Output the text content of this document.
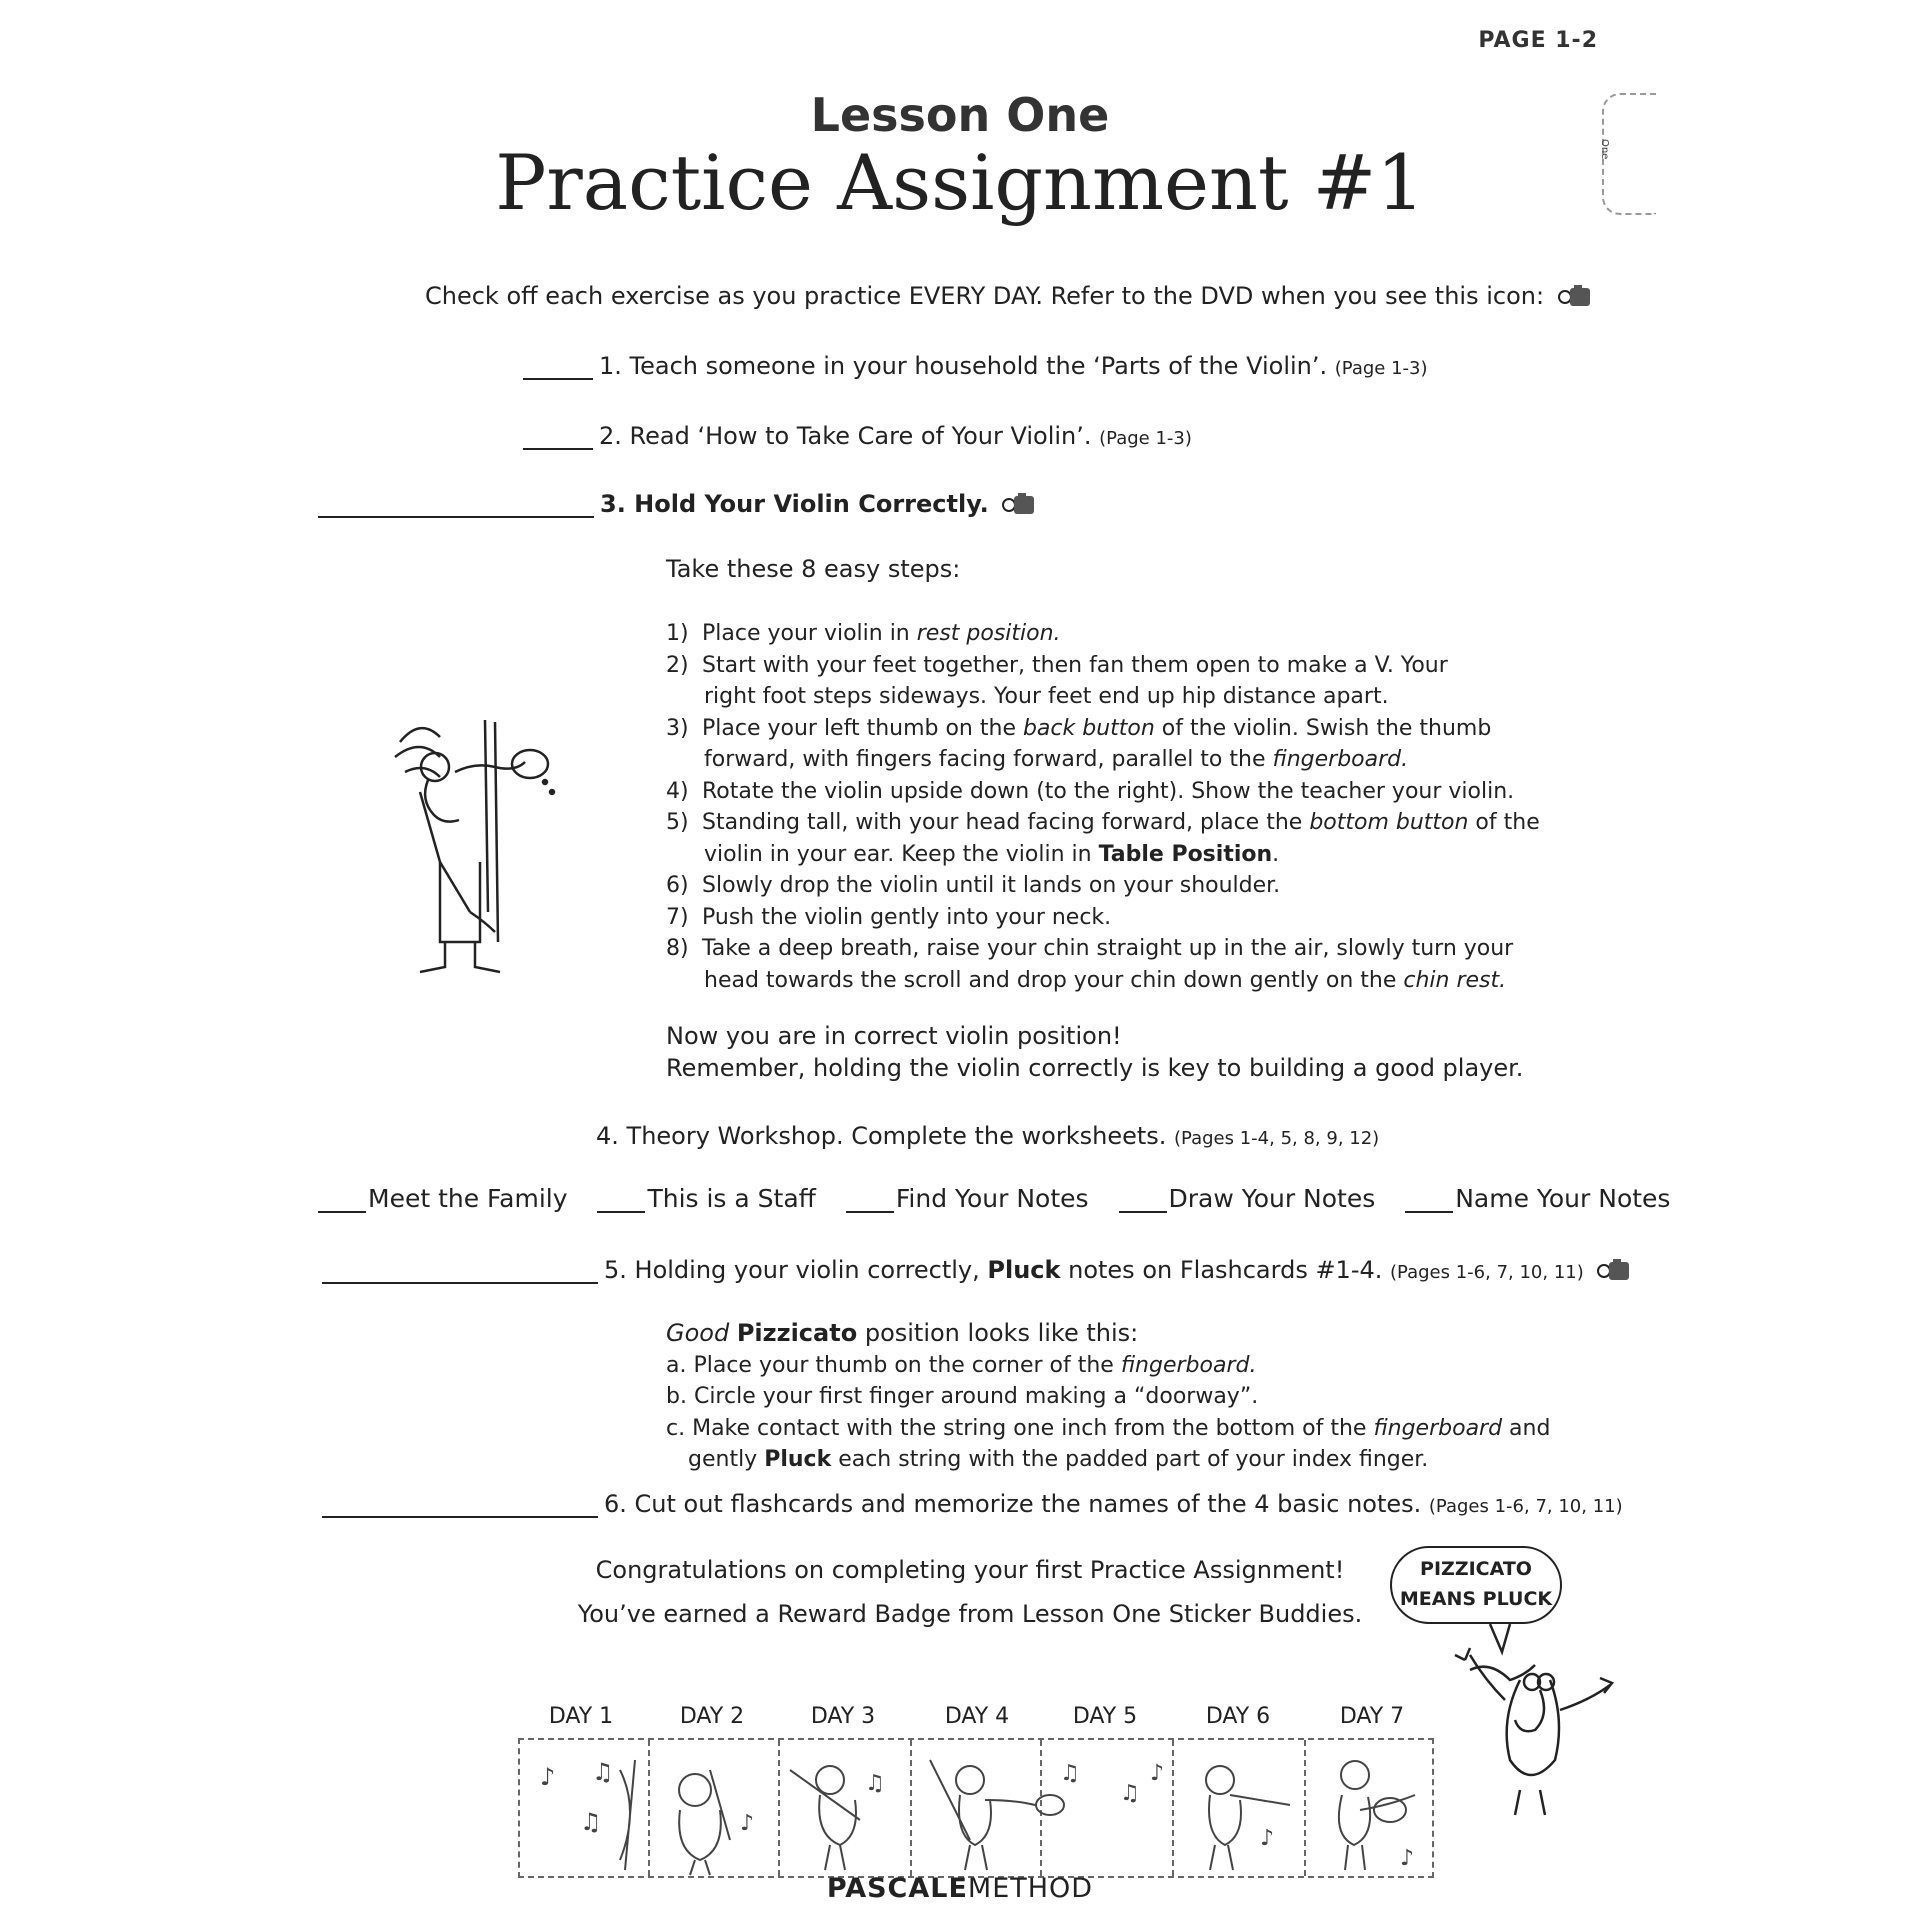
PAGE 1-2
One
Lesson One
Practice Assignment #1
Check off each exercise as you practice EVERY DAY. Refer to the DVD when you see this icon:
1. Teach someone in your household the ‘Parts of the Violin’. (Page 1-3)
2. Read ‘How to Take Care of Your Violin’. (Page 1-3)
3. Hold Your Violin Correctly.
Take these 8 easy steps:
1) Place your violin in rest position.
2) Start with your feet together, then fan them open to make a V. Your
right foot steps sideways. Your feet end up hip distance apart.
3) Place your left thumb on the back button of the violin. Swish the thumb
forward, with fingers facing forward, parallel to the fingerboard.
4) Rotate the violin upside down (to the right). Show the teacher your violin.
5) Standing tall, with your head facing forward, place the bottom button of the
violin in your ear. Keep the violin in Table Position.
6) Slowly drop the violin until it lands on your shoulder.
7) Push the violin gently into your neck.
8) Take a deep breath, raise your chin straight up in the air, slowly turn your
head towards the scroll and drop your chin down gently on the chin rest.
Now you are in correct violin position!
Remember, holding the violin correctly is key to building a good player.
4. Theory Workshop. Complete the worksheets. (Pages 1-4, 5, 8, 9, 12)
Meet the Family	This is a Staff	Find Your Notes	Draw Your Notes	Name Your Notes
5. Holding your violin correctly, Pluck notes on Flashcards #1-4. (Pages 1-6, 7, 10, 11)
Good Pizzicato position looks like this:
a. Place your thumb on the corner of the fingerboard.
b. Circle your first finger around making a “doorway”.
c. Make contact with the string one inch from the bottom of the fingerboard and
gently Pluck each string with the padded part of your index finger.
6. Cut out flashcards and memorize the names of the 4 basic notes. (Pages 1-6, 7, 10, 11)
Congratulations on completing your first Practice Assignment!
You’ve earned a Reward Badge from Lesson One Sticker Buddies.
PIZZICATO
MEANS PLUCK
DAY 1	DAY 2	DAY 3	DAY 4	DAY 5	DAY 6	DAY 7
♪ ♫
♫	♪
♫	♫
♫
♪
♪
♪
PASCALEMETHOD
